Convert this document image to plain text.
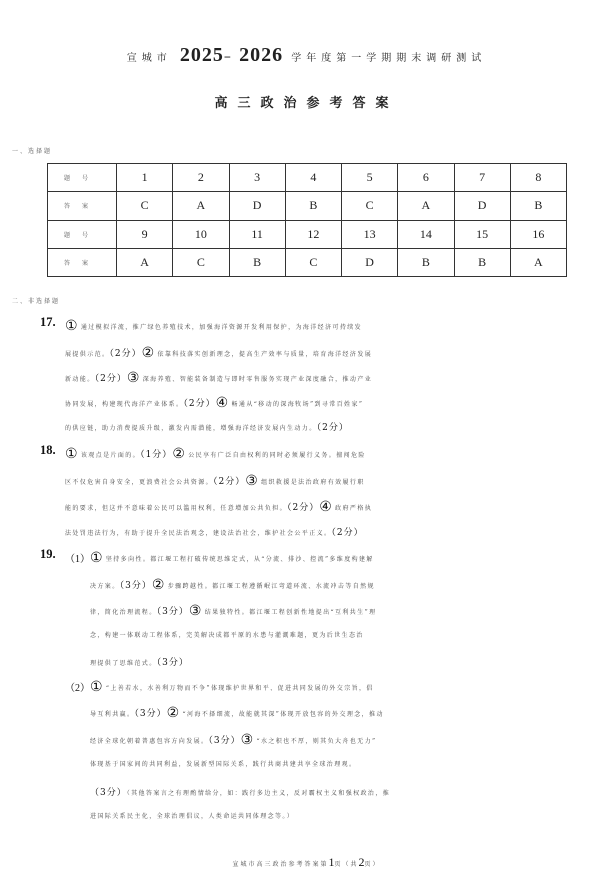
宣城市 2025– 2026 学年度第一学期期末调研测试
高三政治参考答案
一、选择题
题号	1	2	3	4	5	6	7	8
答案	C	A	D	B	C	A	D	B
题号	9	10	11	12	13	14	15	16
答案	A	C	B	C	D	B	B	A
二、非选择题
17. ① 通过模拟洋流，推广绿色养殖技术，加强海洋资源开发利用保护，为海洋经济可持续发
展提供示范。（2分）② 依靠科技落实创新理念，提高生产效率与质量，培育海洋经济发展
新动能。（2分）③ 深海养殖、智能装备制造与即时零售服务实现产业深度融合，推动产业
协同发展，构建现代海洋产业体系。（2分）④ 畅通从“移动的深海牧场”到寻常百姓家”
的供应链，助力消费提质升级，激发内需潜能，增强海洋经济发展内生动力。（2分）
18. ① 该观点是片面的。（1分）② 公民享有广泛自由权利的同时必须履行义务。擅闯危险
区不仅危害自身安全，更浪费社会公共资源。（2分）③ 组织救援是法治政府有效履行职
能的要求，但这并不意味着公民可以滥用权利，任意增加公共负担。（2分）④ 政府严格执
法处罚违法行为，有助于提升全民法治观念，建设法治社会，维护社会公平正义。（2分）
19. （1） ① 坚持多向性。都江堰工程打破传统思维定式，从“分流、排沙、控流”多维度构建解
决方案。（3分）② 步骤跨越性。都江堰工程遵循岷江弯道环流、水流冲击等自然规
律，简化治理流程。（3分）③ 结果独特性。都江堰工程创新性地提出“互利共生”理
念，构建一体联动工程体系，完美解决成都平原的水患与灌溉难题，更为后世生态治
理提供了思维范式。（3分）
（2） ① “上善若水，水善利万物而不争”体现维护世界和平、促进共同发展的外交宗旨，倡
导互利共赢。（3分）② “河海不择细流，故能就其深”体现开放包容的外交理念，推动
经济全球化朝着普惠包容方向发展。（3分）③ “水之积也不厚，则其负大舟也无力”
体现基于国家间的共同利益，发展新型国际关系，践行共商共建共享全球治理观。
（3分）（其他答案言之有理酌情给分，如：践行多边主义，反对霸权主义和强权政治，推
进国际关系民主化，全球治理倡议，人类命运共同体理念等。）
宣城市高三政治参考答案第1页（共2页）
